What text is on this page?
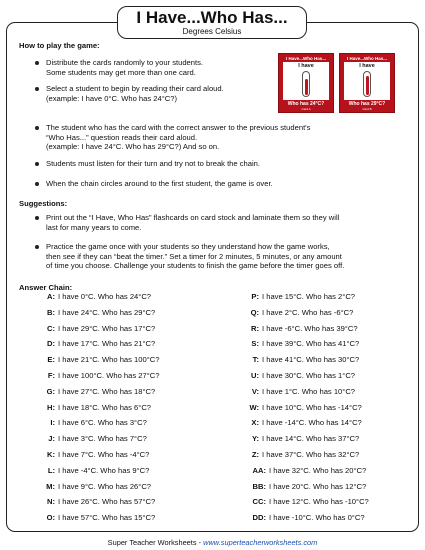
I Have...Who Has...
Degrees Celsius
How to play the game:
Distribute the cards randomly to your students.
Some students may get more than one card.
Select a student to begin by reading their card aloud.
(example: I have 0°C. Who has 24°C?)
The student who has the card with the correct answer to the previous student's
“Who Has...” question reads their card aloud.
(example: I have 24°C. Who has 29°C?) And so on.
Students must listen for their turn and try not to break the chain.
When the chain circles around to the first student, the game is over.
I Have...Who Has...
I have
Who has 24°C?
Card A
I Have...Who Has...
I have
Who has 29°C?
Card B
Suggestions:
Print out the “I Have, Who Has” flashcards on card stock and laminate them so they will
last for many years to come.
Practice the game once with your students so they understand how the game works,
then see if they can “beat the timer.” Set a timer for 2 minutes, 5 minutes, or any amount
of time you choose. Challenge your students to finish the game before the timer goes off.
Answer Chain:
A: I have 0°C. Who has 24°C?
B: I have 24°C. Who has 29°C?
C: I have 29°C. Who has 17°C?
D: I have 17°C. Who has 21°C?
E: I have 21°C. Who has 100°C?
F: I have 100°C. Who has 27°C?
G: I have 27°C. Who has 18°C?
H: I have 18°C. Who has 6°C?
I: I have 6°C. Who has 3°C?
J: I have 3°C. Who has 7°C?
K: I have 7°C. Who has -4°C?
L: I have -4°C. Who has 9°C?
M: I have 9°C. Who has 26°C?
N: I have 26°C. Who has 57°C?
O: I have 57°C. Who has 15°C?
P: I have 15°C. Who has 2°C?
Q: I have 2°C. Who has -6°C?
R: I have -6°C. Who has 39°C?
S: I have 39°C. Who has 41°C?
T: I have 41°C. Who has 30°C?
U: I have 30°C. Who has 1°C?
V: I have 1°C. Who has 10°C?
W: I have 10°C. Who has -14°C?
X: I have -14°C. Who has 14°C?
Y: I have 14°C. Who has 37°C?
Z: I have 37°C. Who has 32°C?
AA: I have 32°C. Who has 20°C?
BB: I have 20°C. Who has 12°C?
CC: I have 12°C. Who has -10°C?
DD: I have -10°C. Who has 0°C?
Super Teacher Worksheets - www.superteacherworksheets.com
